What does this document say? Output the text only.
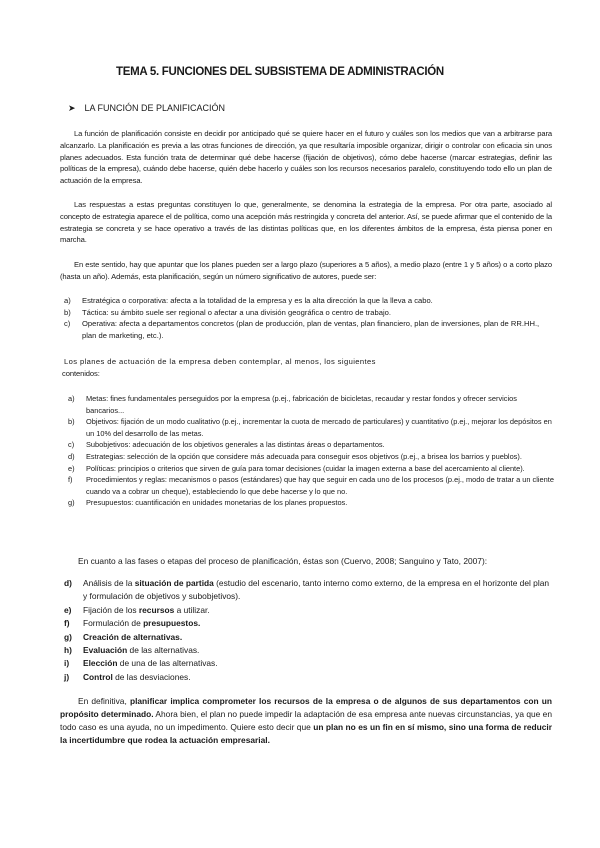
TEMA 5. FUNCIONES DEL SUBSISTEMA DE ADMINISTRACIÓN
➤ LA FUNCIÓN DE PLANIFICACIÓN
La función de planificación consiste en decidir por anticipado qué se quiere hacer en el futuro y cuáles son los medios que van a arbitrarse para alcanzarlo. La planificación es previa a las otras funciones de dirección, ya que resultaría imposible organizar, dirigir o controlar con eficacia sin unos planes adecuados. Esta función trata de determinar qué debe hacerse (fijación de objetivos), cómo debe hacerse (marcar estrategias, definir las políticas de la empresa), cuándo debe hacerse, quién debe hacerlo y cuáles son los recursos necesarios paralelo, constituyendo todo ello un plan de actuación de la empresa.
Las respuestas a estas preguntas constituyen lo que, generalmente, se denomina la estrategia de la empresa. Por otra parte, asociado al concepto de estrategia aparece el de política, como una acepción más restringida y concreta del anterior. Así, se puede afirmar que el contenido de la estrategia se concreta y se hace operativo a través de las distintas políticas que, en los diferentes ámbitos de la empresa, ésta piensa poner en marcha.
En este sentido, hay que apuntar que los planes pueden ser a largo plazo (superiores a 5 años), a medio plazo (entre 1 y 5 años) o a corto plazo (hasta un año). Además, esta planificación, según un número significativo de autores, puede ser:
a)	Estratégica o corporativa: afecta a la totalidad de la empresa y es la alta dirección la que la lleva a cabo.
b)	Táctica: su ámbito suele ser regional o afectar a una división geográfica o centro de trabajo.
c)	Operativa: afecta a departamentos concretos (plan de producción, plan de ventas, plan financiero, plan de inversiones, plan de RR.HH., plan de marketing, etc.).
Los planes de actuación de la empresa deben contemplar, al menos, los siguientes
contenidos:
a)	Metas: fines fundamentales perseguidos por la empresa (p.ej., fabricación de bicicletas, recaudar y restar fondos y ofrecer servicios bancarios...
b)	Objetivos: fijación de un modo cualitativo (p.ej., incrementar la cuota de mercado de particulares) y cuantitativo (p.ej., mejorar los depósitos en un 10% del desarrollo de las metas.
c)	Subobjetivos: adecuación de los objetivos generales a las distintas áreas o departamentos.
d)	Estrategias: selección de la opción que considere más adecuada para conseguir esos objetivos (p.ej., a brisea los barrios y pueblos).
e)	Políticas: principios o criterios que sirven de guía para tomar decisiones (cuidar la imagen externa a base del acercamiento al cliente).
f)	Procedimientos y reglas: mecanismos o pasos (estándares) que hay que seguir en cada uno de los procesos (p.ej., modo de tratar a un cliente cuando va a cobrar un cheque), estableciendo lo que debe hacerse y lo que no.
g)	Presupuestos: cuantificación en unidades monetarias de los planes propuestos.
En cuanto a las fases o etapas del proceso de planificación, éstas son (Cuervo, 2008; Sanguino y Tato, 2007):
d)	Análisis de la situación de partida (estudio del escenario, tanto interno como externo, de la empresa en el horizonte del plan y formulación de objetivos y subobjetivos).
e)	Fijación de los recursos a utilizar.
f)	Formulación de presupuestos.
g)	Creación de alternativas.
h)	Evaluación de las alternativas.
i)	Elección de una de las alternativas.
j)	Control de las desviaciones.
En definitiva, planificar implica comprometer los recursos de la empresa o de algunos de sus departamentos con un propósito determinado. Ahora bien, el plan no puede impedir la adaptación de esa empresa ante nuevas circunstancias, ya que en todo caso es una ayuda, no un impedimento. Quiere esto decir que un plan no es un fin en sí mismo, sino una forma de reducir la incertidumbre que rodea la actuación empresarial.
